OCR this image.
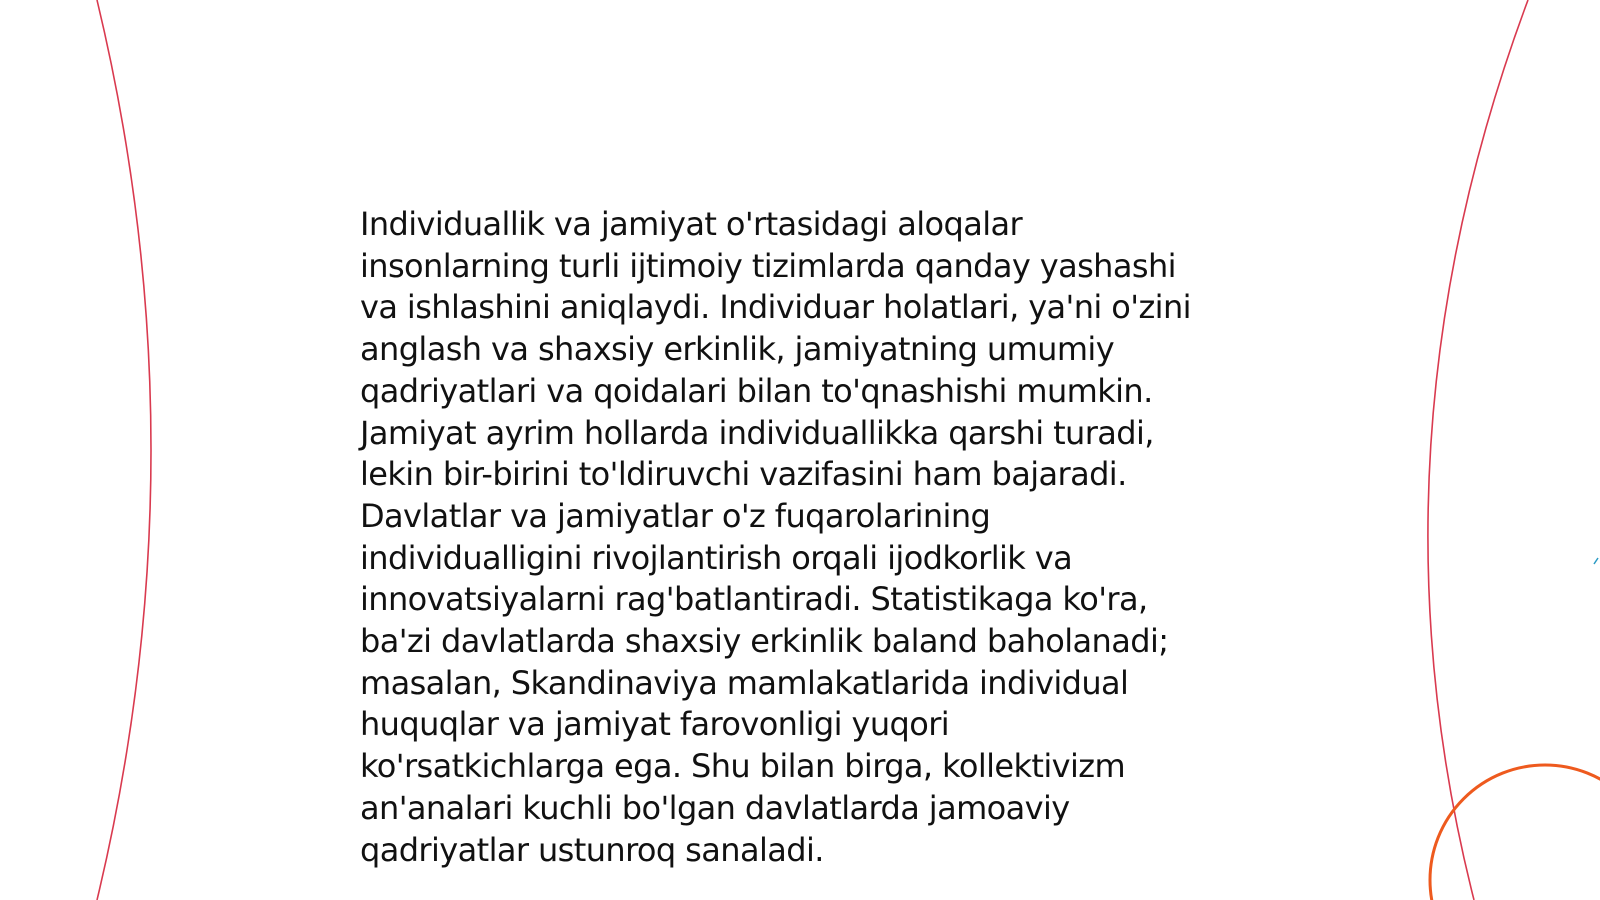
Individuallik va jamiyat o'rtasidagi aloqalar
insonlarning turli ijtimoiy tizimlarda qanday yashashi
va ishlashini aniqlaydi. Individuar holatlari, ya'ni o'zini
anglash va shaxsiy erkinlik, jamiyatning umumiy
qadriyatlari va qoidalari bilan to'qnashishi mumkin.
Jamiyat ayrim hollarda individuallikka qarshi turadi,
lekin bir-birini to'ldiruvchi vazifasini ham bajaradi.
Davlatlar va jamiyatlar o'z fuqarolarining
individualligini rivojlantirish orqali ijodkorlik va
innovatsiyalarni rag'batlantiradi. Statistikaga ko'ra,
ba'zi davlatlarda shaxsiy erkinlik baland baholanadi;
masalan, Skandinaviya mamlakatlarida individual
huquqlar va jamiyat farovonligi yuqori
ko'rsatkichlarga ega. Shu bilan birga, kollektivizm
an'analari kuchli bo'lgan davlatlarda jamoaviy
qadriyatlar ustunroq sanaladi.
